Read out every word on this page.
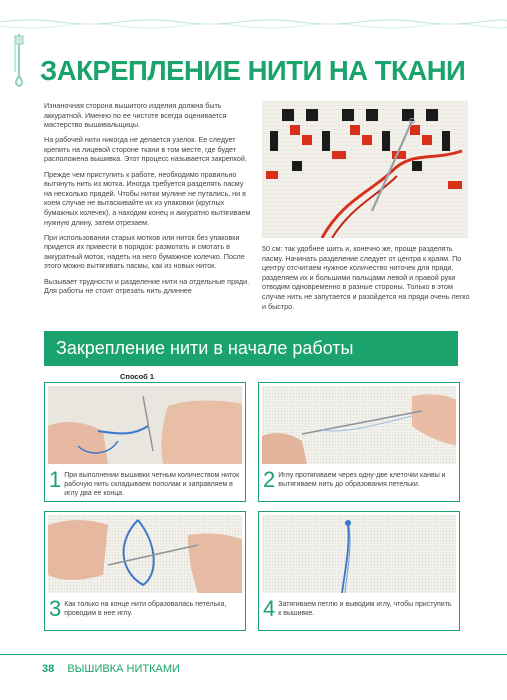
ЗАКРЕПЛЕНИЕ НИТИ НА ТКАНИ

Изнаночная сторона вышитого изделия должна быть аккуратной. Именно по ее чистоте всегда оценивается мастерство вышивальщицы.

На рабочей нити никогда не делается узелок. Ее следует крепить на лицевой стороне ткани в том месте, где будет расположена вышивка. Этот процесс называется закрепкой.

Прежде чем приступить к работе, необходимо правильно вытянуть нить из мотка. Иногда требуется разделять пасму на несколько прядей. Чтобы нитки мулине не путались, ни в коем случае не вытаскивайте их из упаковки (круглых бумажных колечек), а находим конец и аккуратно вытягиваем нужную длину, затем отрезаем.

При использовании старых мотков или ниток без упаковки придется их привести в порядок: размотать и смотать в аккуратный моток, надеть на него бумажное колечко. После этого можно вытягивать пасмы, как из новых ниток.

Вызывает трудности и разделение нити на отдельные пряди. Для работы не стоит отрезать нить длиннее

50 см: так удобнее шить и, конечно же, проще разделять пасму. Начинать разделение следует от центра к краям. По центру отсчитаем нужное количество ниточек для пряди, разделяем их и большими пальцами левой и правой руки отводим одновременно в разные стороны. Только в этом случае нить не запутается и разойдется на пряди очень легко и быстро.

Закрепление нити в начале работы
Способ 1
1 При выполнении вышивки четным количеством ниток рабочую нить складываем пополам и заправляем в иглу два ее конца.
2 Иглу протягиваем через одну-две клеточки канвы и вытягиваем нить до образования петельки.
3 Как только на конце нити образовалась петелька, проводим в нее иглу.	4 Затягиваем петлю и выводим иглу, чтобы приступить к вышивке.
38 ВЫШИВКА НИТКАМИ
